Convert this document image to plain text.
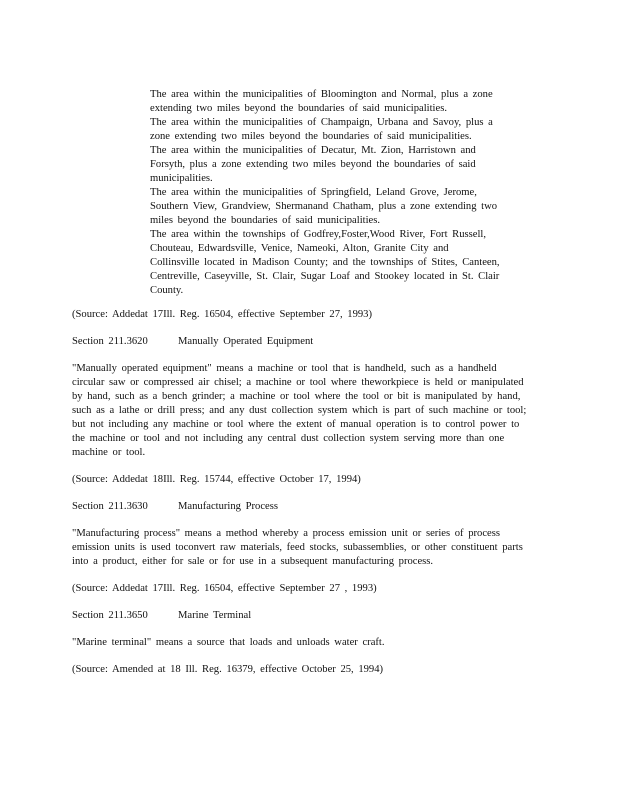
The area within the municipalities of Bloomington and Normal, plus a zone extending two miles beyond the boundaries of said municipalities.

The area within the municipalities of Champaign, Urbana and Savoy, plus a zone extending two miles beyond the boundaries of said municipalities.

The area within the municipalities of Decatur, Mt. Zion, Harristown and Forsyth, plus a zone extending two miles beyond the boundaries of said municipalities.

The area within the municipalities of Springfield, Leland Grove, Jerome, Southern View, Grandview, Shermanand Chatham, plus a zone extending two miles beyond the boundaries of said municipalities.

The area within the townships of Godfrey,Foster,Wood River, Fort Russell, Chouteau, Edwardsville, Venice, Nameoki, Alton, Granite City and Collinsville located in Madison County; and the townships of Stites, Canteen, Centreville, Caseyville, St. Clair, Sugar Loaf and Stookey located in St. Clair County.

(Source: Addedat 17Ill. Reg. 16504, effective September 27, 1993)

Section 211.3620	Manually Operated Equipment

"Manually operated equipment" means a machine or tool that is handheld, such as a handheld circular saw or compressed air chisel; a machine or tool where theworkpiece is held or manipulated by hand, such as a bench grinder; a machine or tool where the tool or bit is manipulated by hand, such as a lathe or drill press; and any dust collection system which is part of such machine or tool; but not including any machine or tool where the extent of manual operation is to control power to the machine or tool and not including any central dust collection system serving more than one machine or tool.

(Source: Addedat 18Ill. Reg. 15744, effective October 17, 1994)

Section 211.3630	Manufacturing Process

"Manufacturing process" means a method whereby a process emission unit or series of process emission units is used toconvert raw materials, feed stocks, subassemblies, or other constituent parts into a product, either for sale or for use in a subsequent manufacturing process.

(Source: Addedat 17Ill. Reg. 16504, effective September 27 , 1993)

Section 211.3650	Marine Terminal

"Marine terminal" means a source that loads and unloads water craft.

(Source: Amended at 18 Ill. Reg. 16379, effective October 25, 1994)
